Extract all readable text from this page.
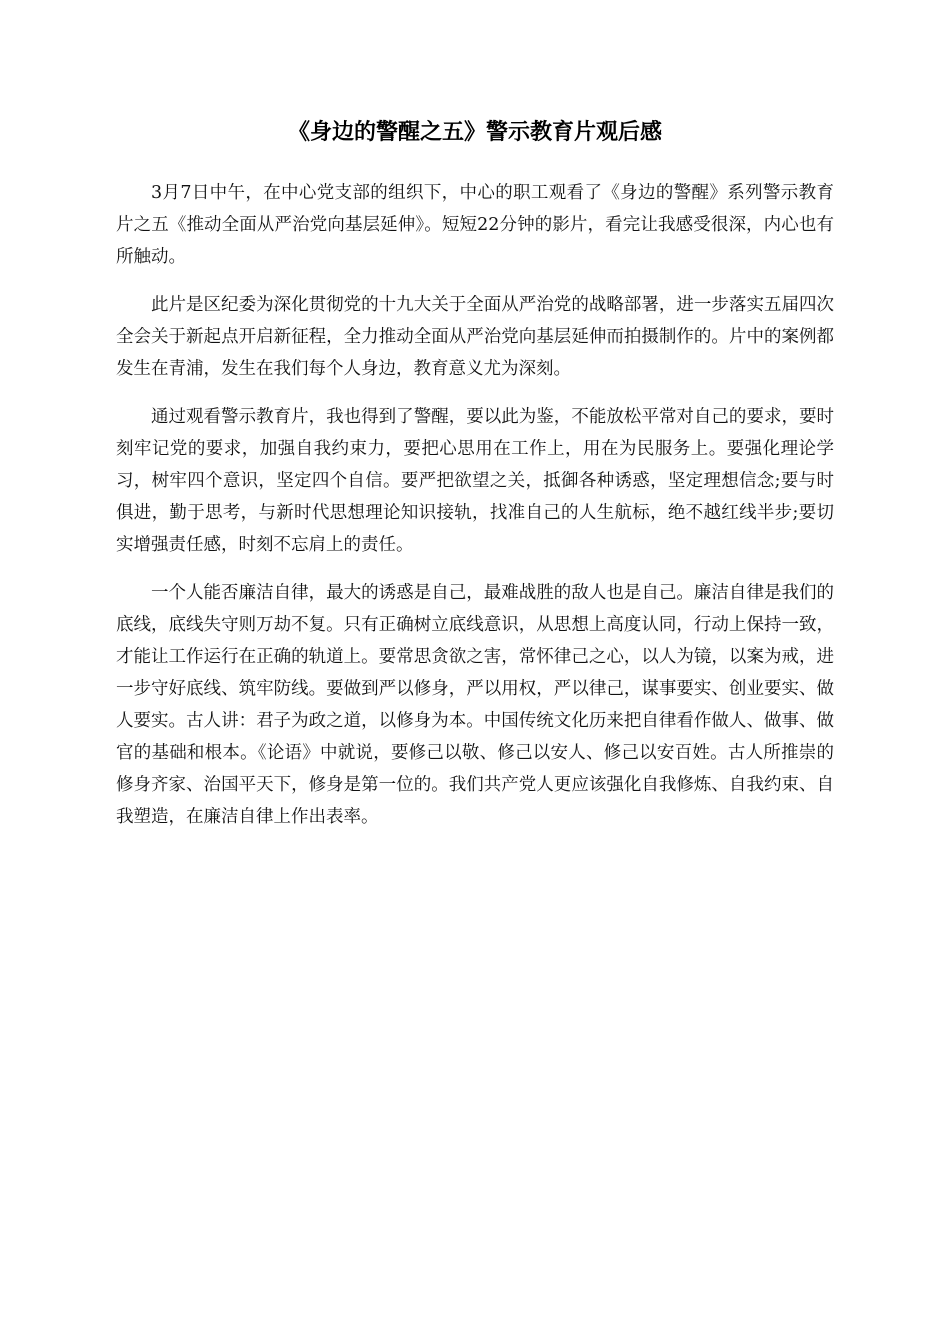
《身边的警醒之五》警示教育片观后感

3月7日中午，在中心党支部的组织下，中心的职工观看了《身边的警醒》系列警示教育片之五《推动全面从严治党向基层延伸》。短短22分钟的影片，看完让我感受很深，内心也有所触动。

此片是区纪委为深化贯彻党的十九大关于全面从严治党的战略部署，进一步落实五届四次全会关于新起点开启新征程，全力推动全面从严治党向基层延伸而拍摄制作的。片中的案例都发生在青浦，发生在我们每个人身边，教育意义尤为深刻。

通过观看警示教育片，我也得到了警醒，要以此为鉴，不能放松平常对自己的要求，要时刻牢记党的要求，加强自我约束力，要把心思用在工作上，用在为民服务上。要强化理论学习，树牢四个意识，坚定四个自信。要严把欲望之关，抵御各种诱惑，坚定理想信念;要与时俱进，勤于思考，与新时代思想理论知识接轨，找准自己的人生航标，绝不越红线半步;要切实增强责任感，时刻不忘肩上的责任。

一个人能否廉洁自律，最大的诱惑是自己，最难战胜的敌人也是自己。廉洁自律是我们的底线，底线失守则万劫不复。只有正确树立底线意识，从思想上高度认同，行动上保持一致，才能让工作运行在正确的轨道上。要常思贪欲之害，常怀律己之心，以人为镜，以案为戒，进一步守好底线、筑牢防线。要做到严以修身，严以用权，严以律己，谋事要实、创业要实、做人要实。古人讲：君子为政之道，以修身为本。中国传统文化历来把自律看作做人、做事、做官的基础和根本。《论语》中就说，要修己以敬、修己以安人、修己以安百姓。古人所推崇的修身齐家、治国平天下，修身是第一位的。我们共产党人更应该强化自我修炼、自我约束、自我塑造，在廉洁自律上作出表率。
